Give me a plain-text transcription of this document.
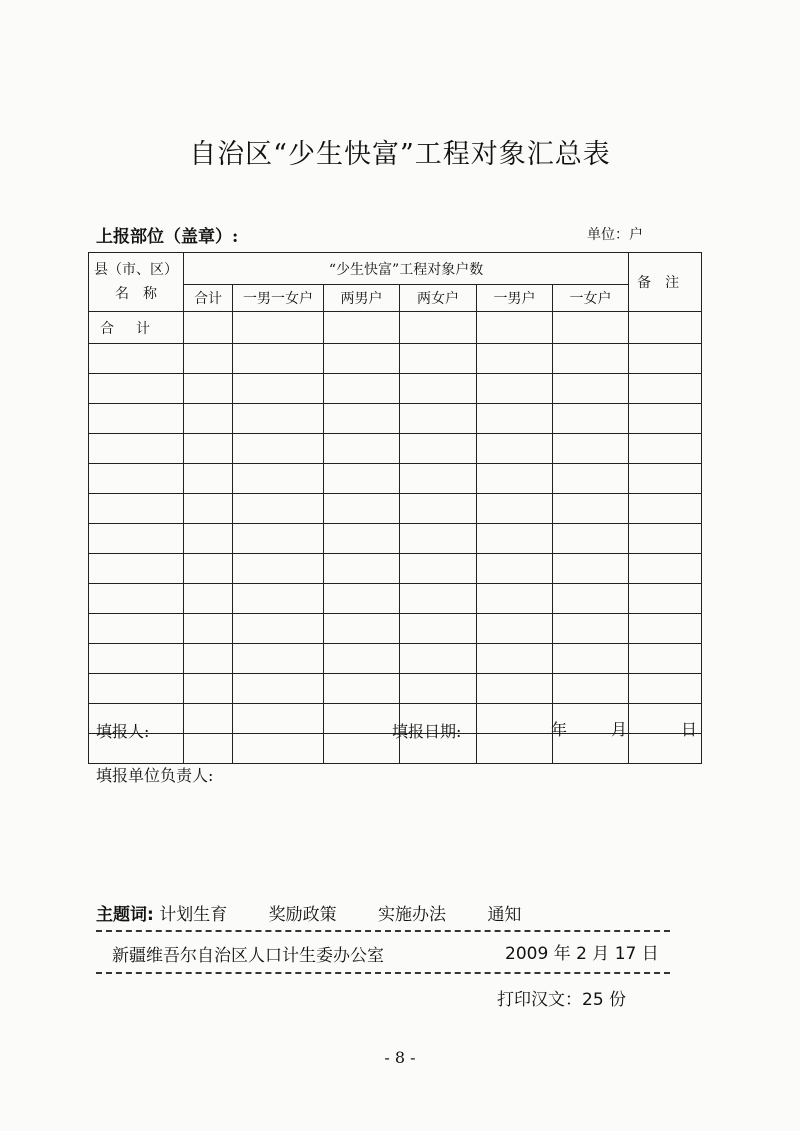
自治区“少生快富”工程对象汇总表
上报部位（盖章）:	单位：户
县（市、区）
名　称	“少生快富”工程对象户数						备注
	合计	一男一女户	两男户	两女户	一男户	一女户	
合计							

填报人:	填报日期:	年	月	日
填报单位负责人:
主题词: 计划生育 奖励政策 实施办法 通知
新疆维吾尔自治区人口计生委办公室	2009 年 2 月 17 日
打印汉文：25 份
- 8 -
